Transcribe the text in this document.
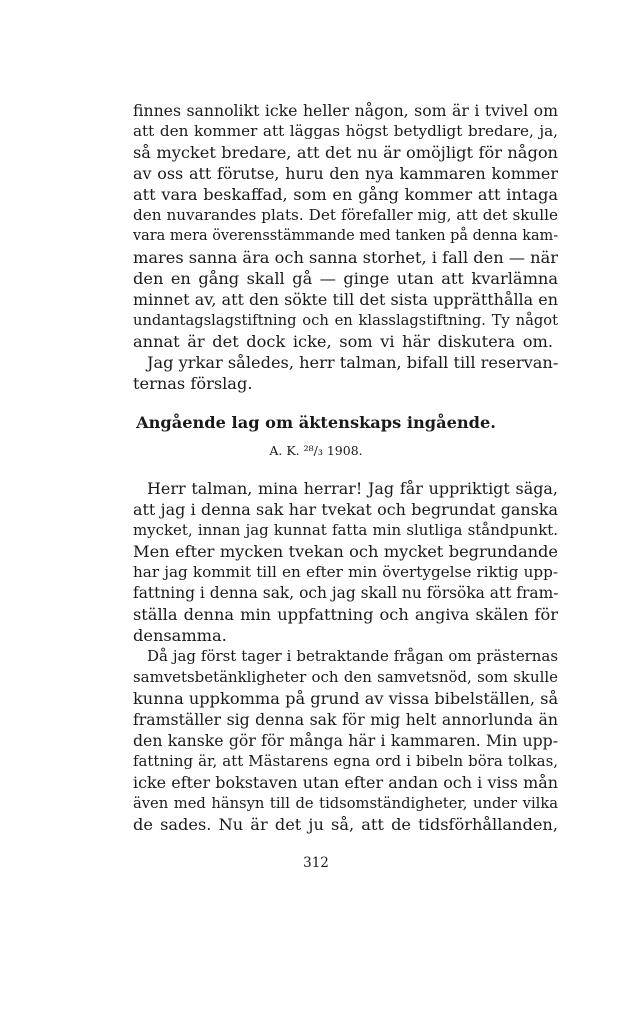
finnes sannolikt icke heller någon, som är i tvivel om
att den kommer att läggas högst betydligt bredare, ja,
så mycket bredare, att det nu är omöjligt för någon
av oss att förutse, huru den nya kammaren kommer
att vara beskaffad, som en gång kommer att intaga
den nuvarandes plats. Det förefaller mig, att det skulle
vara mera överensstämmande med tanken på denna kam-
mares sanna ära och sanna storhet, i fall den — när
den en gång skall gå — ginge utan att kvarlämna
minnet av, att den sökte till det sista upprätthålla en
undantagslagstiftning och en klasslagstiftning. Ty något
annat är det dock icke, som vi här diskutera om.
Jag yrkar således, herr talman, bifall till reservan-
ternas förslag.
Angående lag om äktenskaps ingående.
A. K. ²⁸/₃ 1908.
Herr talman, mina herrar! Jag får uppriktigt säga,
att jag i denna sak har tvekat och begrundat ganska
mycket, innan jag kunnat fatta min slutliga ståndpunkt.
Men efter mycken tvekan och mycket begrundande
har jag kommit till en efter min övertygelse riktig upp-
fattning i denna sak, och jag skall nu försöka att fram-
ställa denna min uppfattning och angiva skälen för
densamma.
Då jag först tager i betraktande frågan om prästernas
samvetsbetänkligheter och den samvetsnöd, som skulle
kunna uppkomma på grund av vissa bibelställen, så
framställer sig denna sak för mig helt annorlunda än
den kanske gör för många här i kammaren. Min upp-
fattning är, att Mästarens egna ord i bibeln böra tolkas,
icke efter bokstaven utan efter andan och i viss mån
även med hänsyn till de tidsomständigheter, under vilka
de sades. Nu är det ju så, att de tidsförhållanden,
312
